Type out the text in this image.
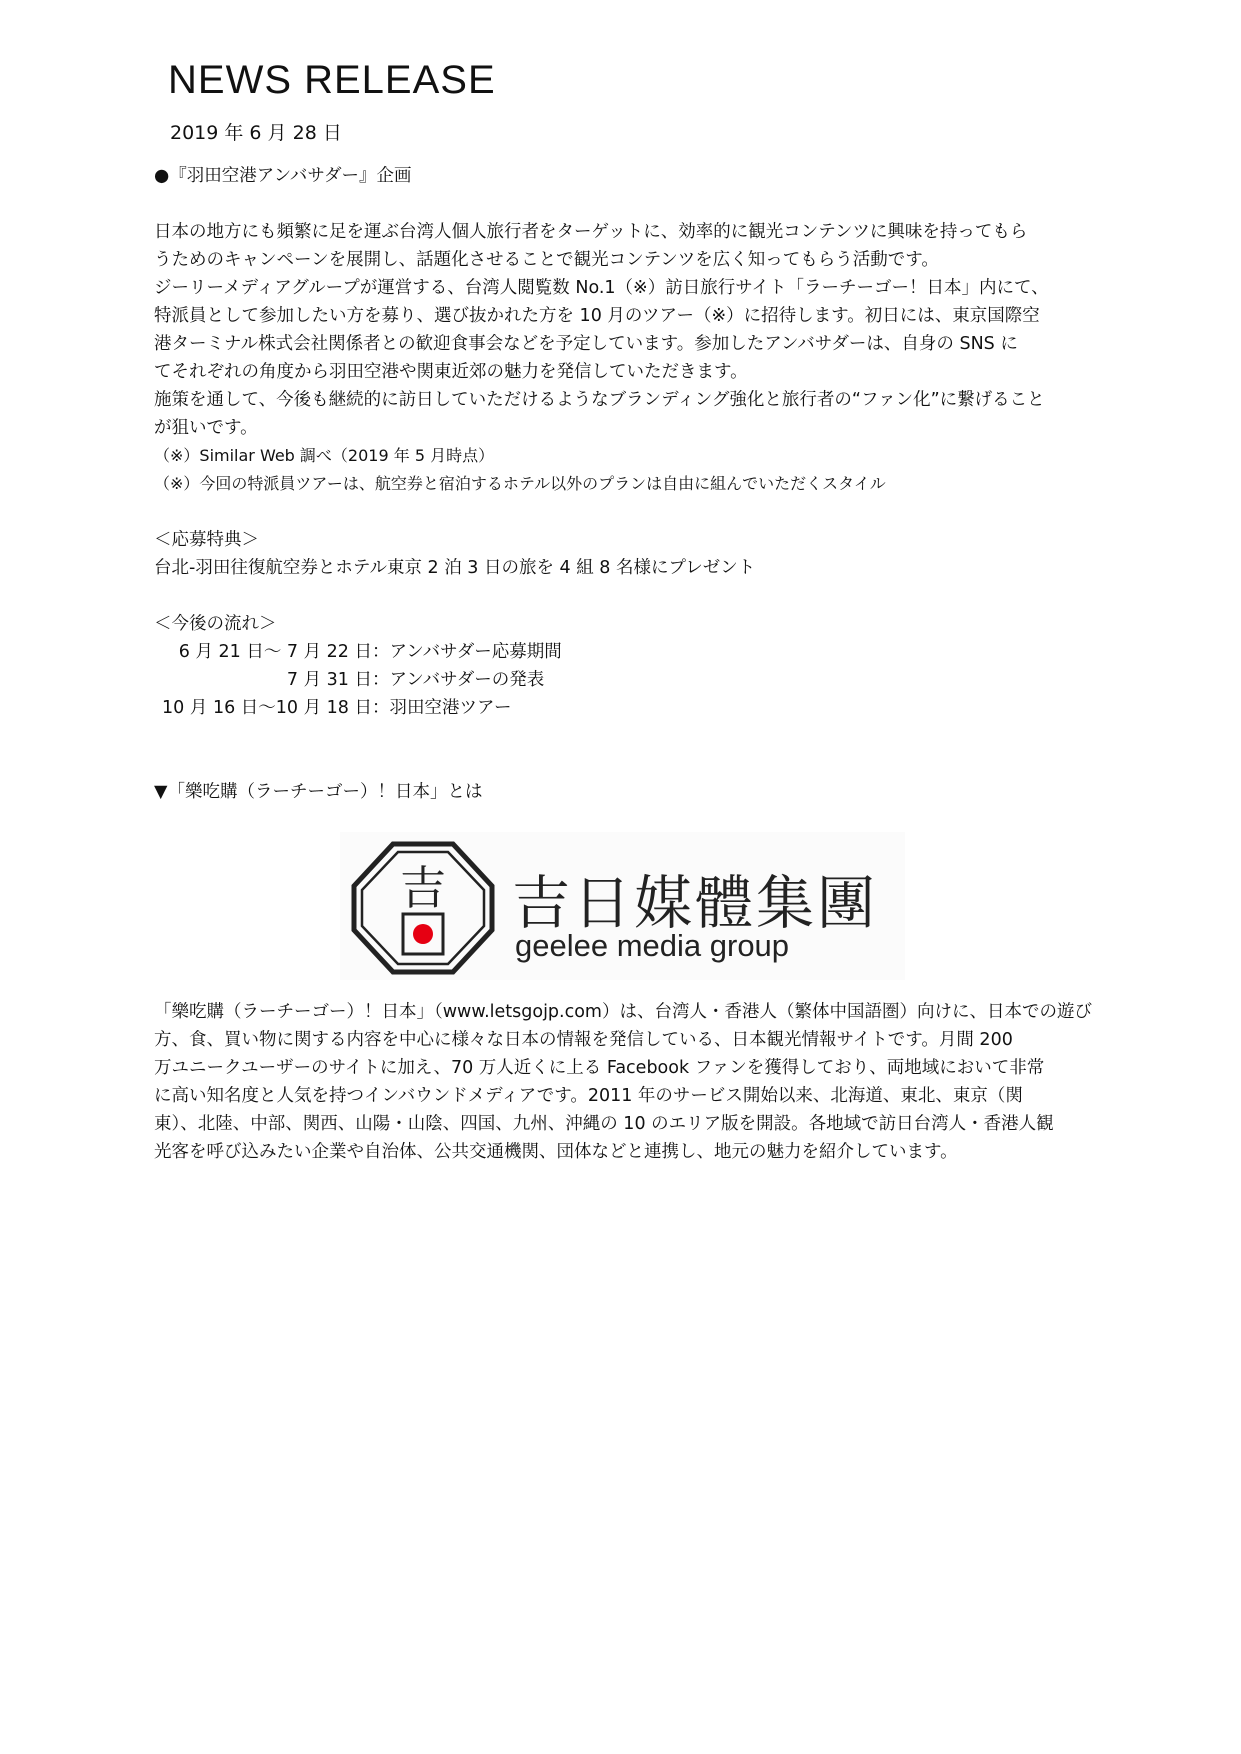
NEWS RELEASE
2019 年 6 月 28 日
●『羽田空港アンバサダー』企画
日本の地方にも頻繁に足を運ぶ台湾人個人旅行者をターゲットに、効率的に観光コンテンツに興味を持ってもら
うためのキャンペーンを展開し、話題化させることで観光コンテンツを広く知ってもらう活動です。
ジーリーメディアグループが運営する、台湾人閲覧数 No.1（※）訪日旅行サイト「ラーチーゴー！日本」内にて、
特派員として参加したい方を募り、選び抜かれた方を 10 月のツアー（※）に招待します。初日には、東京国際空
港ターミナル株式会社関係者との歓迎食事会などを予定しています。参加したアンバサダーは、自身の SNS に
てそれぞれの角度から羽田空港や関東近郊の魅力を発信していただきます。
施策を通して、今後も継続的に訪日していただけるようなブランディング強化と旅行者の“ファン化”に繋げること
が狙いです。
（※）Similar Web 調べ（2019 年 5 月時点）
（※）今回の特派員ツアーは、航空券と宿泊するホテル以外のプランは自由に組んでいただくスタイル
＜応募特典＞
台北-羽田往復航空券とホテル東京 2 泊 3 日の旅を 4 組 8 名様にプレゼント
＜今後の流れ＞
6 月 21 日～ 7 月 22 日 ：アンバサダー応募期間
7 月 31 日 ：アンバサダーの発表
10 月 16 日～10 月 18 日 ：羽田空港ツアー
▼「樂吃購（ラーチーゴー）！日本」とは
吉 吉日媒體集團
geelee media group
「樂吃購（ラーチーゴー）！日本」（www.letsgojp.com）は、台湾人・香港人（繁体中国語圏）向けに、日本での遊び
方、食、買い物に関する内容を中心に様々な日本の情報を発信している、日本観光情報サイトです。月間 200
万ユニークユーザーのサイトに加え、70 万人近くに上る Facebook ファンを獲得しており、両地域において非常
に高い知名度と人気を持つインバウンドメディアです。2011 年のサービス開始以来、北海道、東北、東京（関
東）、北陸、中部、関西、山陽・山陰、四国、九州、沖縄の 10 のエリア版を開設。各地域で訪日台湾人・香港人観
光客を呼び込みたい企業や自治体、公共交通機関、団体などと連携し、地元の魅力を紹介しています。
